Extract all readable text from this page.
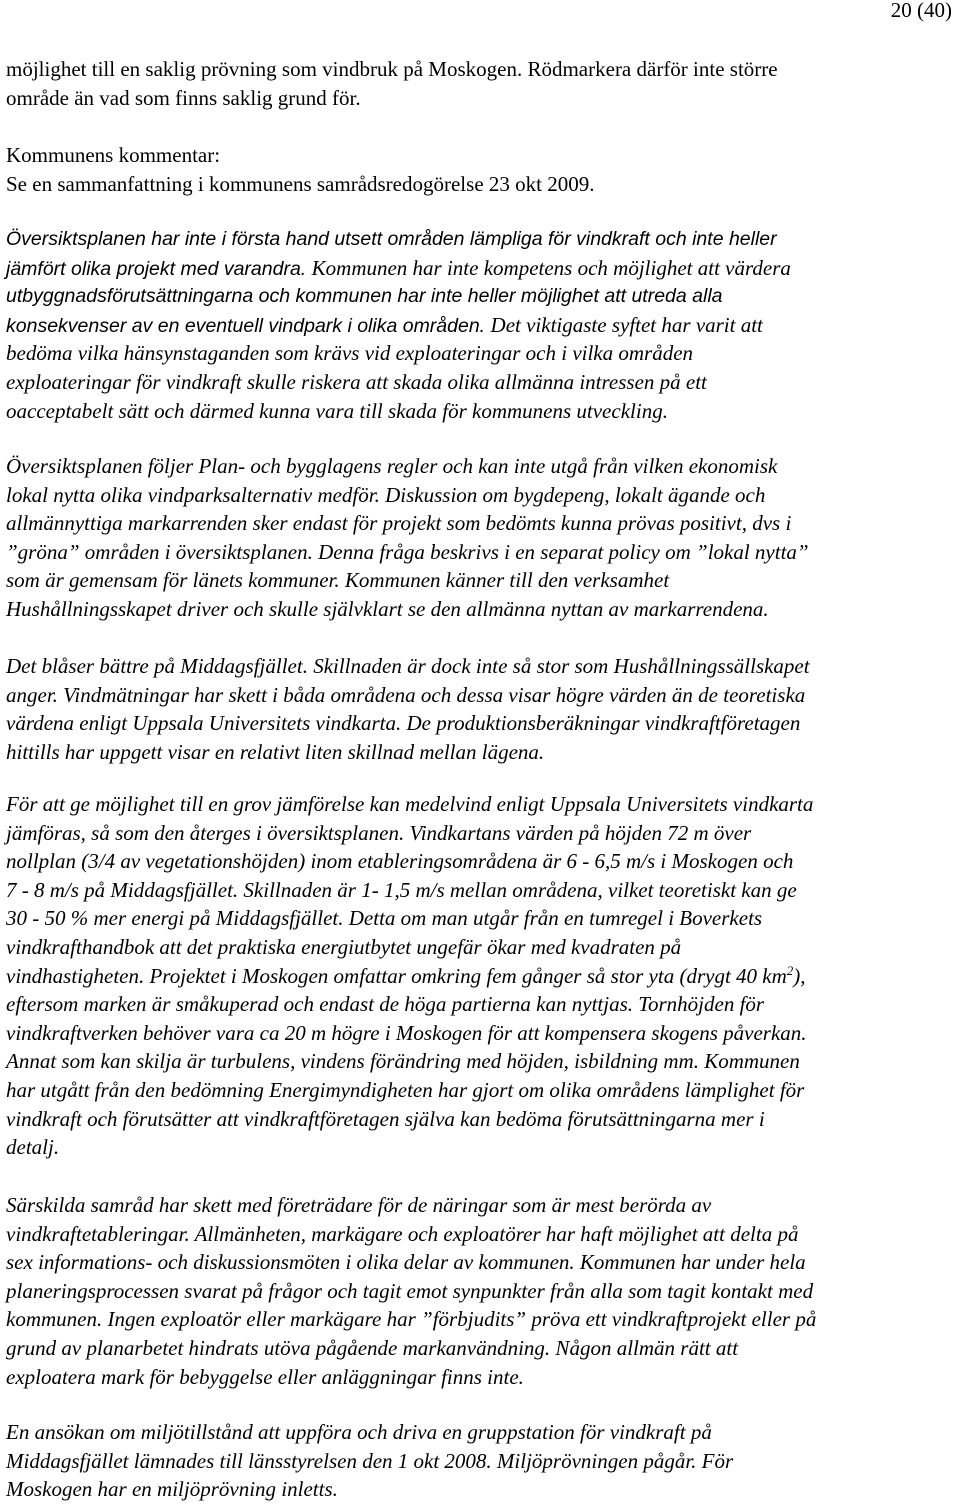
20 (40)
möjlighet till en saklig prövning som vindbruk på Moskogen. Rödmarkera därför inte större
område än vad som finns saklig grund för.
Kommunens kommentar:
Se en sammanfattning i kommunens samrådsredogörelse 23 okt 2009.
Översiktsplanen har inte i första hand utsett områden lämpliga för vindkraft och inte heller
jämfört olika projekt med varandra. Kommunen har inte kompetens och möjlighet att värdera
utbyggnadsförutsättningarna och kommunen har inte heller möjlighet att utreda alla
konsekvenser av en eventuell vindpark i olika områden. Det viktigaste syftet har varit att
bedöma vilka hänsynstaganden som krävs vid exploateringar och i vilka områden
exploateringar för vindkraft skulle riskera att skada olika allmänna intressen på ett
oacceptabelt sätt och därmed kunna vara till skada för kommunens utveckling.
Översiktsplanen följer Plan- och bygglagens regler och kan inte utgå från vilken ekonomisk
lokal nytta olika vindparksalternativ medför. Diskussion om bygdepeng, lokalt ägande och
allmännyttiga markarrenden sker endast för projekt som bedömts kunna prövas positivt, dvs i
”gröna” områden i översiktsplanen. Denna fråga beskrivs i en separat policy om ”lokal nytta”
som är gemensam för länets kommuner. Kommunen känner till den verksamhet
Hushållningsskapet driver och skulle självklart se den allmänna nyttan av markarrendena.
Det blåser bättre på Middagsfjället. Skillnaden är dock inte så stor som Hushållningssällskapet
anger. Vindmätningar har skett i båda områdena och dessa visar högre värden än de teoretiska
värdena enligt Uppsala Universitets vindkarta. De produktionsberäkningar vindkraftföretagen
hittills har uppgett visar en relativt liten skillnad mellan lägena.
För att ge möjlighet till en grov jämförelse kan medelvind enligt Uppsala Universitets vindkarta
jämföras, så som den återges i översiktsplanen. Vindkartans värden på höjden 72 m över
nollplan (3/4 av vegetationshöjden) inom etableringsområdena är 6 - 6,5 m/s i Moskogen och
7 - 8 m/s på Middagsfjället. Skillnaden är 1- 1,5 m/s mellan områdena, vilket teoretiskt kan ge
30 - 50 % mer energi på Middagsfjället. Detta om man utgår från en tumregel i Boverkets
vindkrafthandbok att det praktiska energiutbytet ungefär ökar med kvadraten på
vindhastigheten. Projektet i Moskogen omfattar omkring fem gånger så stor yta (drygt 40 $km^2$),
eftersom marken är småkuperad och endast de höga partierna kan nyttjas. Tornhöjden för
vindkraftverken behöver vara ca 20 m högre i Moskogen för att kompensera skogens påverkan.
Annat som kan skilja är turbulens, vindens förändring med höjden, isbildning mm. Kommunen
har utgått från den bedömning Energimyndigheten har gjort om olika områdens lämplighet för
vindkraft och förutsätter att vindkraftföretagen själva kan bedöma förutsättningarna mer i
detalj.
Särskilda samråd har skett med företrädare för de näringar som är mest berörda av
vindkraftetableringar. Allmänheten, markägare och exploatörer har haft möjlighet att delta på
sex informations- och diskussionsmöten i olika delar av kommunen. Kommunen har under hela
planeringsprocessen svarat på frågor och tagit emot synpunkter från alla som tagit kontakt med
kommunen. Ingen exploatör eller markägare har ”förbjudits” pröva ett vindkraftprojekt eller på
grund av planarbetet hindrats utöva pågående markanvändning. Någon allmän rätt att
exploatera mark för bebyggelse eller anläggningar finns inte.
En ansökan om miljötillstånd att uppföra och driva en gruppstation för vindkraft på
Middagsfjället lämnades till länsstyrelsen den 1 okt 2008. Miljöprövningen pågår. För
Moskogen har en miljöprövning inletts.
